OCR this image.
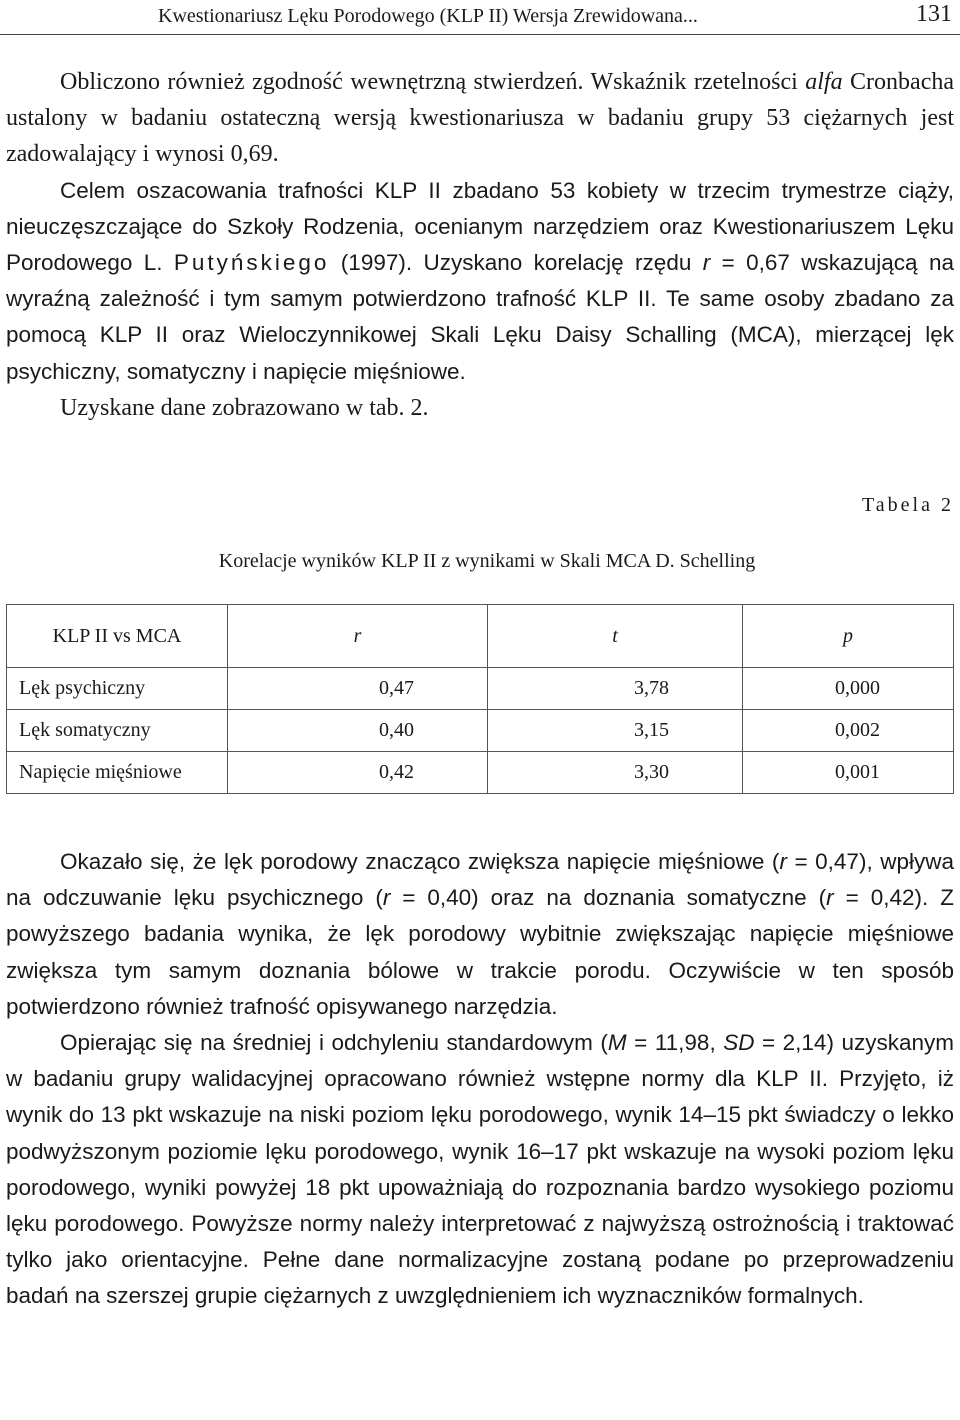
Kwestionariusz Lęku Porodowego (KLP II) Wersja Zrewidowana...	131

Obliczono również zgodność wewnętrzną stwierdzeń. Wskaźnik rzetelności alfa Cronbacha ustalony w badaniu ostateczną wersją kwestionariusza w badaniu grupy 53 ciężarnych jest zadowalający i wynosi 0,69.

Celem oszacowania trafności KLP II zbadano 53 kobiety w trzecim trymestrze ciąży, nieuczęszczające do Szkoły Rodzenia, ocenianym narzędziem oraz Kwestionariuszem Lęku Porodowego L. Putyńskiego (1997). Uzyskano korelację rzędu r = 0,67 wskazującą na wyraźną zależność i tym samym potwierdzono trafność KLP II. Te same osoby zbadano za pomocą KLP II oraz Wieloczynnikowej Skali Lęku Daisy Schalling (MCA), mierzącej lęk psychiczny, somatyczny i napięcie mięśniowe.

Uzyskane dane zobrazowano w tab. 2.

Tabela 2
Korelacje wyników KLP II z wynikami w Skali MCA D. Schelling
KLP II vs MCA	r	t	p
Lęk psychiczny	0,47	3,78	0,000
Lęk somatyczny	0,40	3,15	0,002
Napięcie mięśniowe	0,42	3,30	0,001

Okazało się, że lęk porodowy znacząco zwiększa napięcie mięśniowe (r = 0,47), wpływa na odczuwanie lęku psychicznego (r = 0,40) oraz na doznania somatyczne (r = 0,42). Z powyższego badania wynika, że lęk porodowy wybitnie zwiększając napięcie mięśniowe zwiększa tym samym doznania bólowe w trakcie porodu. Oczywiście w ten sposób potwierdzono również trafność opisywanego narzędzia.

Opierając się na średniej i odchyleniu standardowym (M = 11,98, SD = 2,14) uzyskanym w badaniu grupy walidacyjnej opracowano również wstępne normy dla KLP II. Przyjęto, iż wynik do 13 pkt wskazuje na niski poziom lęku porodowego, wynik 14–15 pkt świadczy o lekko podwyższonym poziomie lęku porodowego, wynik 16–17 pkt wskazuje na wysoki poziom lęku porodowego, wyniki powyżej 18 pkt upoważniają do rozpoznania bardzo wysokiego poziomu lęku porodowego. Powyższe normy należy interpretować z najwyższą ostrożnością i traktować tylko jako orientacyjne. Pełne dane normalizacyjne zostaną podane po przeprowadzeniu badań na szerszej grupie ciężarnych z uwzględnieniem ich wyznaczników formalnych.
